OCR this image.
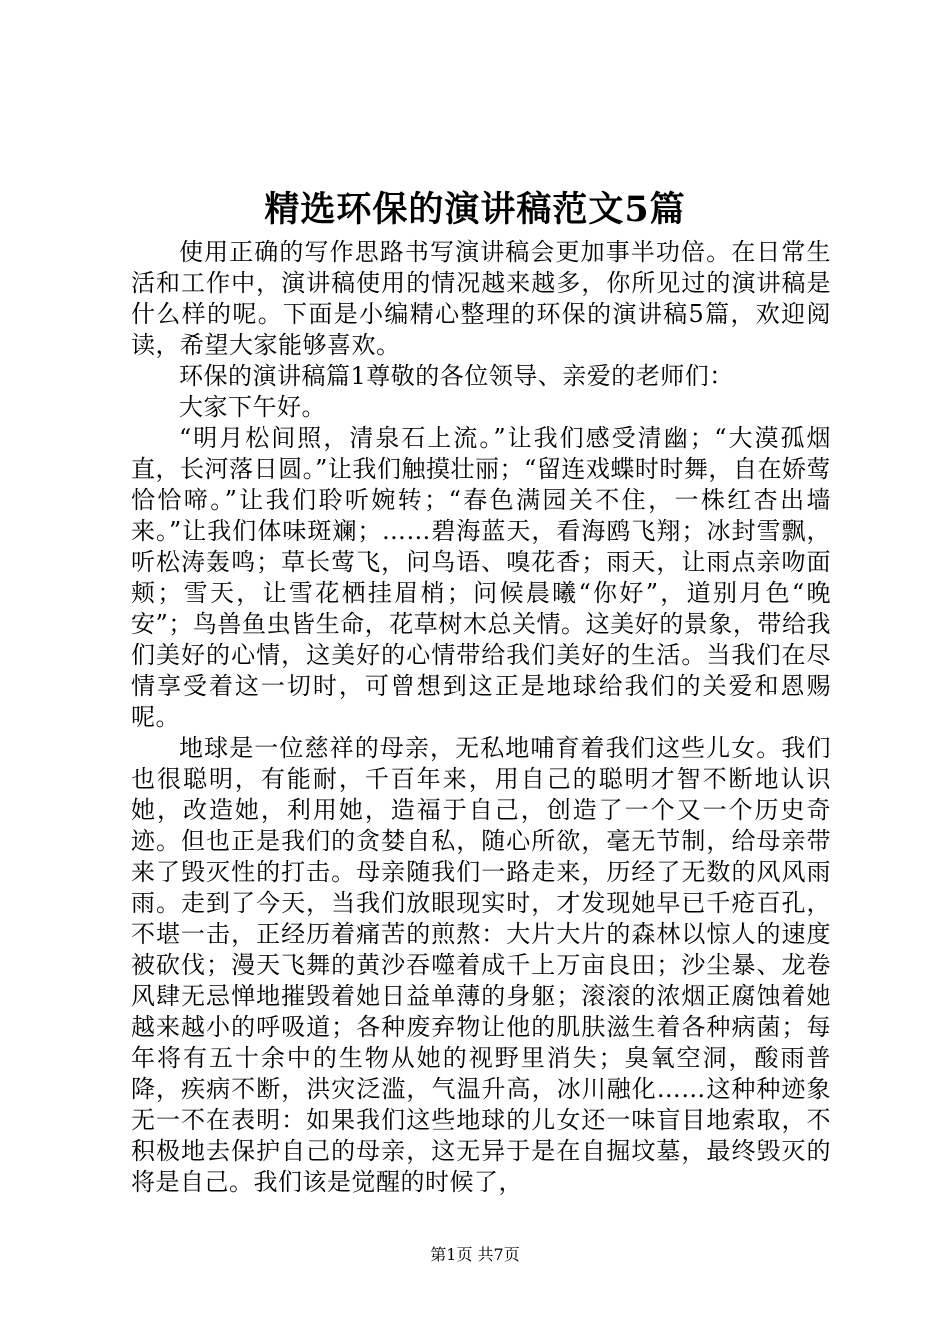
精选环保的演讲稿范文5篇

使用正确的写作思路书写演讲稿会更加事半功倍。在日常生活和工作中，演讲稿使用的情况越来越多，你所见过的演讲稿是什么样的呢。下面是小编精心整理的环保的演讲稿5篇，欢迎阅读，希望大家能够喜欢。

环保的演讲稿篇1尊敬的各位领导、亲爱的老师们：

大家下午好。

“明月松间照，清泉石上流。”让我们感受清幽；“大漠孤烟直，长河落日圆。”让我们触摸壮丽；“留连戏蝶时时舞，自在娇莺恰恰啼。”让我们聆听婉转；“春色满园关不住，一株红杏出墙来。”让我们体味斑斓；……碧海蓝天，看海鸥飞翔；冰封雪飘，听松涛轰鸣；草长莺飞，问鸟语、嗅花香；雨天，让雨点亲吻面颊；雪天，让雪花栖挂眉梢；问候晨曦“你好”，道别月色“晚安”；鸟兽鱼虫皆生命，花草树木总关情。这美好的景象，带给我们美好的心情，这美好的心情带给我们美好的生活。当我们在尽情享受着这一切时，可曾想到这正是地球给我们的关爱和恩赐呢。

地球是一位慈祥的母亲，无私地哺育着我们这些儿女。我们也很聪明，有能耐，千百年来，用自己的聪明才智不断地认识她，改造她，利用她，造福于自己，创造了一个又一个历史奇迹。但也正是我们的贪婪自私，随心所欲，毫无节制，给母亲带来了毁灭性的打击。母亲随我们一路走来，历经了无数的风风雨雨。走到了今天，当我们放眼现实时，才发现她早已千疮百孔，不堪一击，正经历着痛苦的煎熬：大片大片的森林以惊人的速度被砍伐；漫天飞舞的黄沙吞噬着成千上万亩良田；沙尘暴、龙卷风肆无忌惮地摧毁着她日益单薄的身躯；滚滚的浓烟正腐蚀着她越来越小的呼吸道；各种废弃物让他的肌肤滋生着各种病菌；每年将有五十余中的生物从她的视野里消失；臭氧空洞，酸雨普降，疾病不断，洪灾泛滥，气温升高，冰川融化……这种种迹象无一不在表明：如果我们这些地球的儿女还一味盲目地索取，不积极地去保护自己的母亲，这无异于是在自掘坟墓，最终毁灭的将是自己。我们该是觉醒的时候了，

第1页 共7页
